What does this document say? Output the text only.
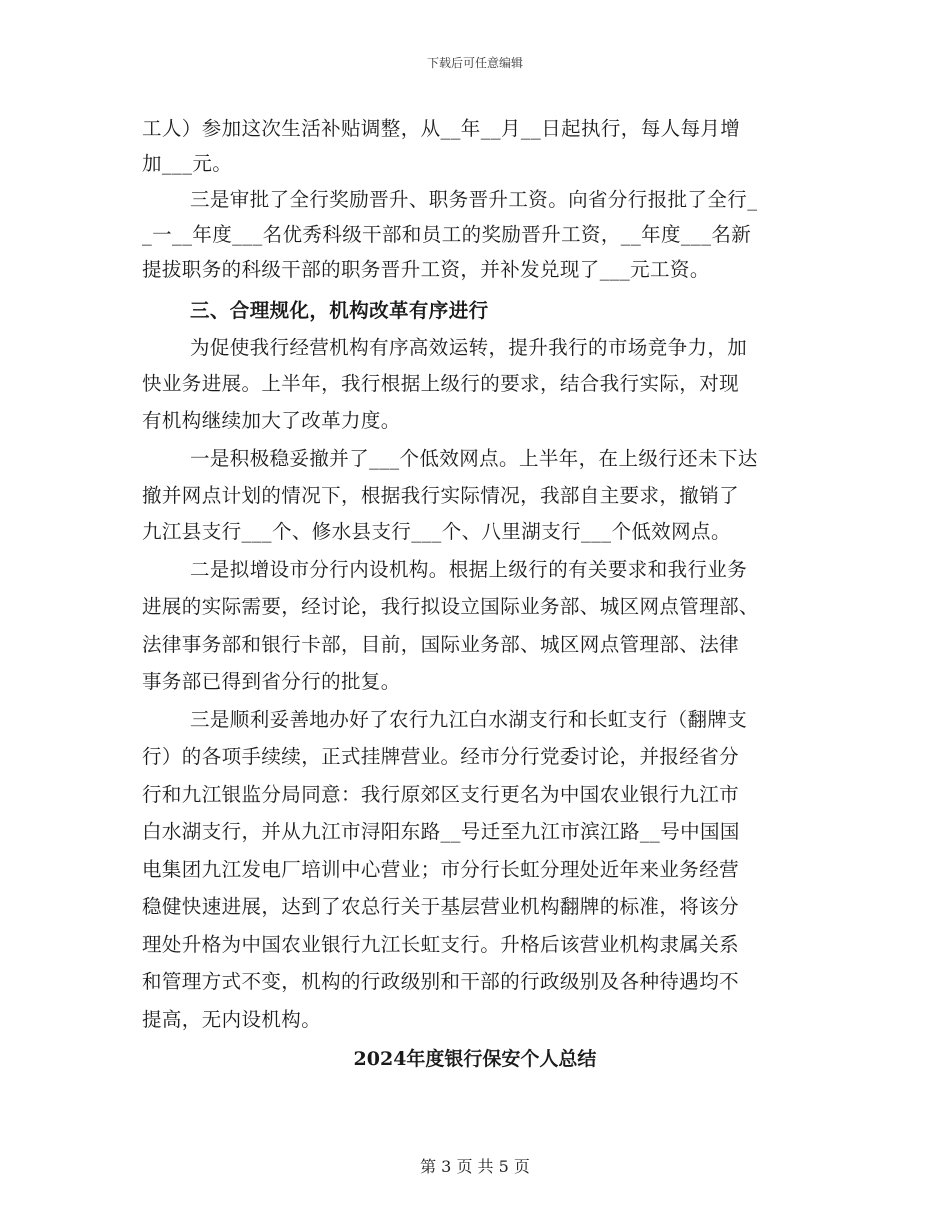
下载后可任意编辑
工人）参加这次生活补贴调整，从__年__月__日起执行，每人每月增
加___元。
三是审批了全行奖励晋升、职务晋升工资。向省分行报批了全行_
_一__年度___名优秀科级干部和员工的奖励晋升工资，__年度___名新
提拔职务的科级干部的职务晋升工资，并补发兑现了___元工资。
三、合理规化，机构改革有序进行
为促使我行经营机构有序高效运转，提升我行的市场竞争力，加
快业务进展。上半年，我行根据上级行的要求，结合我行实际，对现
有机构继续加大了改革力度。
一是积极稳妥撤并了___个低效网点。上半年，在上级行还未下达
撤并网点计划的情况下，根据我行实际情况，我部自主要求，撤销了
九江县支行___个、修水县支行___个、八里湖支行___个低效网点。
二是拟增设市分行内设机构。根据上级行的有关要求和我行业务
进展的实际需要，经讨论，我行拟设立国际业务部、城区网点管理部、
法律事务部和银行卡部，目前，国际业务部、城区网点管理部、法律
事务部已得到省分行的批复。
三是顺利妥善地办好了农行九江白水湖支行和长虹支行（翻牌支
行）的各项手续续，正式挂牌营业。经市分行党委讨论，并报经省分
行和九江银监分局同意：我行原郊区支行更名为中国农业银行九江市
白水湖支行，并从九江市浔阳东路__号迁至九江市滨江路__号中国国
电集团九江发电厂培训中心营业；市分行长虹分理处近年来业务经营
稳健快速进展，达到了农总行关于基层营业机构翻牌的标准，将该分
理处升格为中国农业银行九江长虹支行。升格后该营业机构隶属关系
和管理方式不变，机构的行政级别和干部的行政级别及各种待遇均不
提高，无内设机构。
2024年度银行保安个人总结
第 3 页 共 5 页
